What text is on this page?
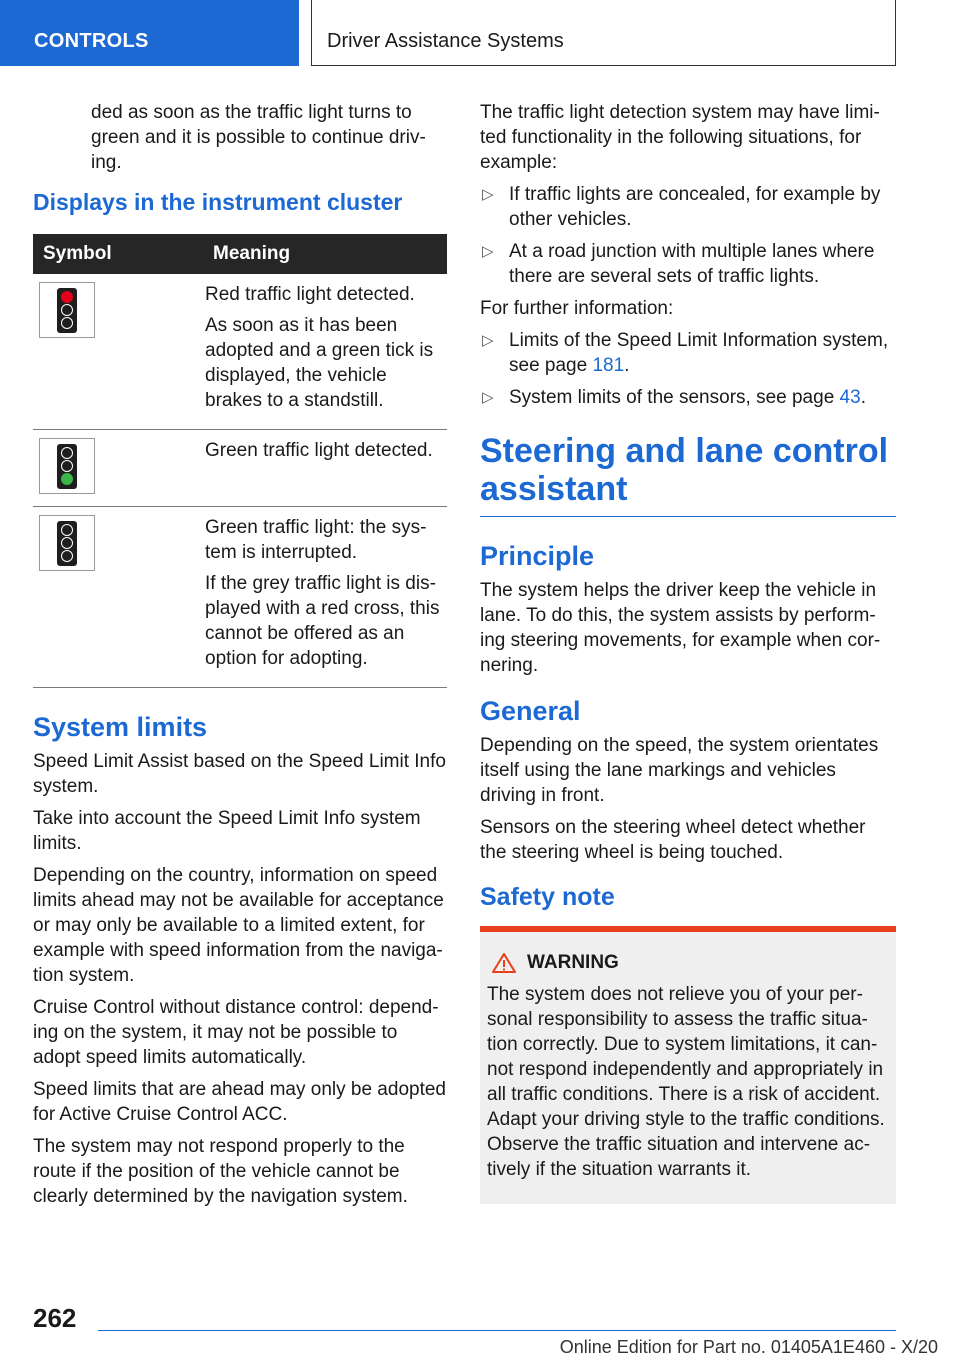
CONTROLS	Driver Assistance Systems

ded as soon as the traffic light turns to green and it is possible to continue driv-ing.

Displays in the instrument cluster
Symbol	Meaning

	Red traffic light detected.

As soon as it has been adopted and a green tick is displayed, the vehicle brakes to a standstill.

	Green traffic light detected.

	Green traffic light: the sys-tem is interrupted.

If the grey traffic light is dis-played with a red cross, this cannot be offered as an option for adopting.

System limits

Speed Limit Assist based on the Speed Limit Info system.

Take into account the Speed Limit Info system limits.

Depending on the country, information on speed limits ahead may not be available for acceptance or may only be available to a limited extent, for example with speed information from the naviga-tion system.

Cruise Control without distance control: depend-ing on the system, it may not be possible to adopt speed limits automatically.

Speed limits that are ahead may only be adopted for Active Cruise Control ACC.

The system may not respond properly to the route if the position of the vehicle cannot be clearly determined by the navigation system.

The traffic light detection system may have limi-ted functionality in the following situations, for example:

▷ If traffic lights are concealed, for example by other vehicles.
▷ At a road junction with multiple lanes where there are several sets of traffic lights.

For further information:

▷ Limits of the Speed Limit Information system, see page 181.
▷ System limits of the sensors, see page 43.
Steering and lane control assistant
Principle

The system helps the driver keep the vehicle in lane. To do this, the system assists by perform-ing steering movements, for example when cor-nering.

General

Depending on the speed, the system orientates itself using the lane markings and vehicles driving in front.

Sensors on the steering wheel detect whether the steering wheel is being touched.

Safety note
WARNING

The system does not relieve you of your per-sonal responsibility to assess the traffic situa-tion correctly. Due to system limitations, it can-not respond independently and appropriately in all traffic conditions. There is a risk of accident. Adapt your driving style to the traffic conditions. Observe the traffic situation and intervene ac-tively if the situation warrants it.

262
Online Edition for Part no. 01405A1E460 - X/20
